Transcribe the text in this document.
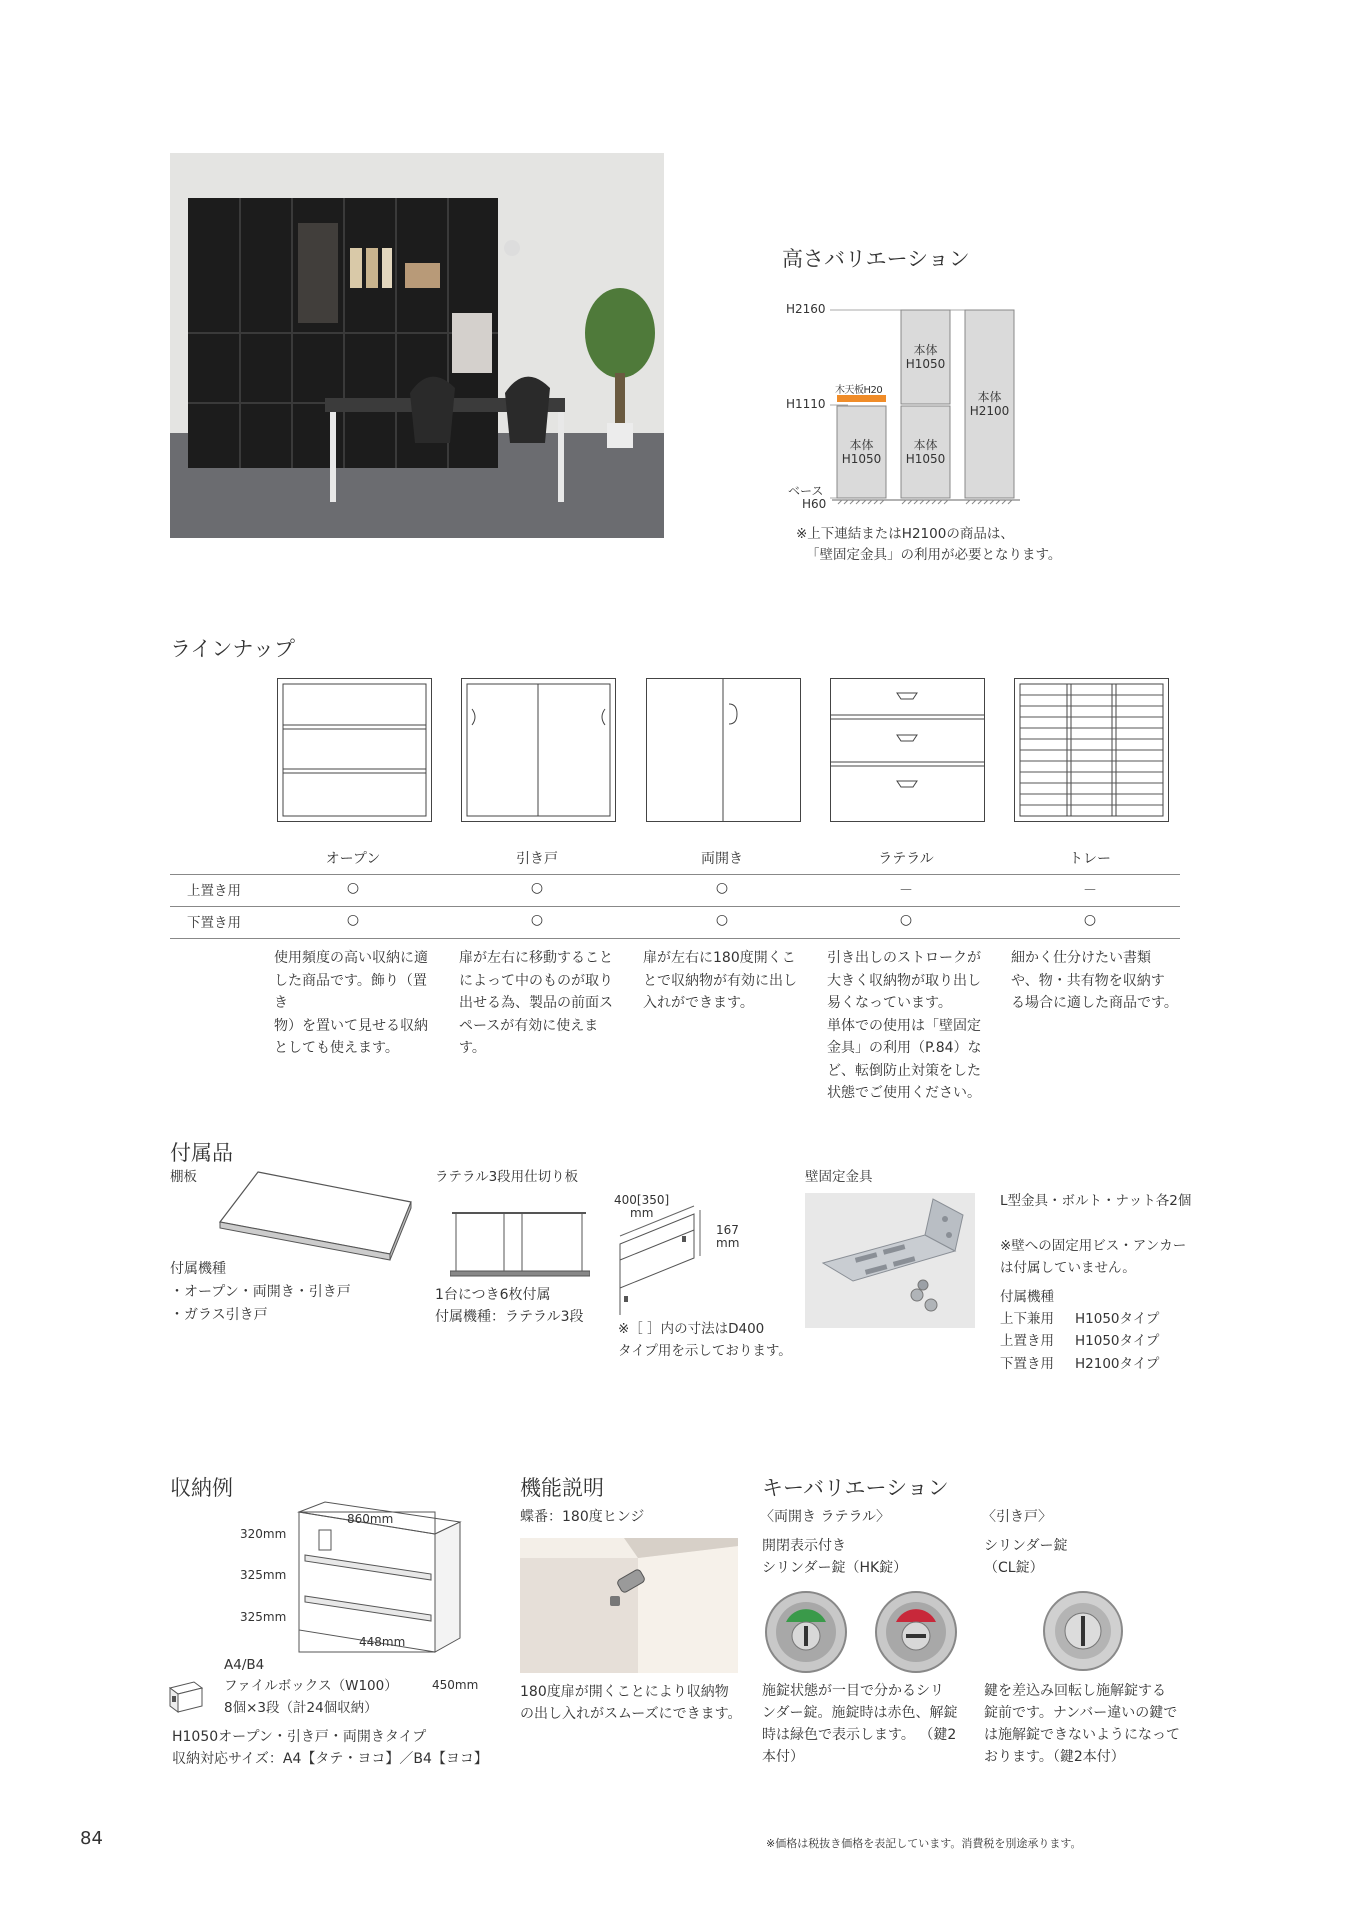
高さバリエーション
H2160
H1110
ベース
H60
木天板H20
本体
H1050
本体
H1050
本体
H1050
本体
H2100
※上下連結またはH2100の商品は、
「壁固定金具」の利用が必要となります。
ラインナップ
オープン	引き戸	両開き	ラテラル	トレー
上置き用	○	○	○	－	－
下置き用	○	○	○	○	○
使用頻度の高い収納に適
した商品です。飾り（置き
物）を置いて見せる収納
としても使えます。
扉が左右に移動すること
によって中のものが取り
出せる為、製品の前面ス
ペースが有効に使えま
す。
扉が左右に180度開くこ
とで収納物が有効に出し
入れができます。
引き出しのストロークが
大きく収納物が取り出し
易くなっています。
単体での使用は「壁固定
金具」の利用（P.84）な
ど、転倒防止対策をした
状態でご使用ください。
細かく仕分けたい書類
や、物・共有物を収納す
る場合に適した商品です。
付属品
棚板
付属機種
・オープン・両開き・引き戸
・ガラス引き戸
ラテラル3段用仕切り板
1台につき6枚付属
付属機種：ラテラル3段
400[350]
mm
167
mm
※［ ］内の寸法はD400
タイプ用を示しております。
壁固定金具
L型金具・ボルト・ナット各2個
※壁への固定用ビス・アンカー
は付属していません。
付属機種
上下兼用 H1050タイプ
上置き用 H1050タイプ
下置き用 H2100タイプ
収納例
320mm
325mm
325mm
860mm
448mm
450mm
A4/B4
ファイルボックス（W100）
8個×3段（計24個収納）
H1050オープン・引き戸・両開きタイプ
収納対応サイズ：A4【タテ・ヨコ】／B4【ヨコ】
機能説明
蝶番：180度ヒンジ
180度扉が開くことにより収納物
の出し入れがスムーズにできます。
キーバリエーション
〈両開き ラテラル〉
開閉表示付き
シリンダー錠（HK錠）
施錠状態が一目で分かるシリ
ンダー錠。施錠時は赤色、解錠
時は緑色で表示します。 （鍵2
本付）
〈引き戸〉
シリンダー錠
（CL錠）
鍵を差込み回転し施解錠する
錠前です。ナンバー違いの鍵で
は施解錠できないようになって
おります。（鍵2本付）
84	※価格は税抜き価格を表記しています。消費税を別途承ります。
